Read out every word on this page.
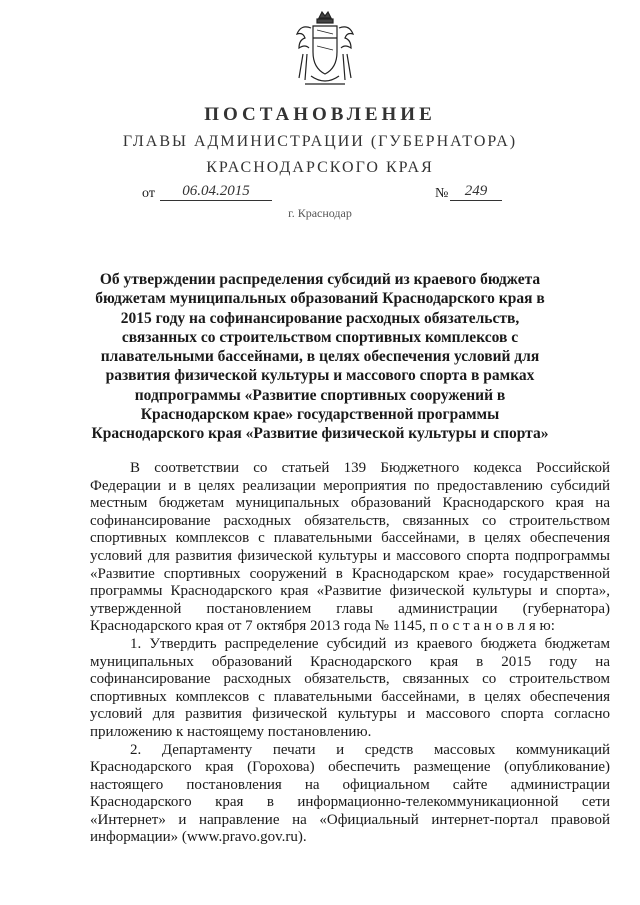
ПОСТАНОВЛЕНИЕ
ГЛАВЫ АДМИНИСТРАЦИИ (ГУБЕРНАТОРА)
КРАСНОДАРСКОГО КРАЯ
от	06.04.2015	№	249
г. Краснодар
Об утверждении распределения субсидий из краевого бюджета бюджетам муниципальных образований Краснодарского края в 2015 году на софинансирование расходных обязательств, связанных со строительством спортивных комплексов с плавательными бассейнами, в целях обеспечения условий для развития физической культуры и массового спорта в рамках подпрограммы «Развитие спортивных сооружений в Краснодарском крае» государственной программы Краснодарского края «Развитие физической культуры и спорта»

В соответствии со статьей 139 Бюджетного кодекса Российской Федерации и в целях реализации мероприятия по предоставлению субсидий местным бюджетам муниципальных образований Краснодарского края на софинансирование расходных обязательств, связанных со строительством спортивных комплексов с плавательными бассейнами, в целях обеспечения условий для развития физической культуры и массового спорта подпрограммы «Развитие спортивных сооружений в Краснодарском крае» государственной программы Краснодарского края «Развитие физической культуры и спорта», утвержденной постановлением главы администрации (губернатора) Краснодарского края от 7 октября 2013 года № 1145, п о с т а н о в л я ю:

1. Утвердить распределение субсидий из краевого бюджета бюджетам муниципальных образований Краснодарского края в 2015 году на софинансирование расходных обязательств, связанных со строительством спортивных комплексов с плавательными бассейнами, в целях обеспечения условий для развития физической культуры и массового спорта согласно приложению к настоящему постановлению.

2. Департаменту печати и средств массовых коммуникаций Краснодарского края (Горохова) обеспечить размещение (опубликование) настоящего постановления на официальном сайте администрации Краснодарского края в информационно-телекоммуникационной сети «Интернет» и направление на «Официальный интернет-портал правовой информации» (www.pravo.gov.ru).
